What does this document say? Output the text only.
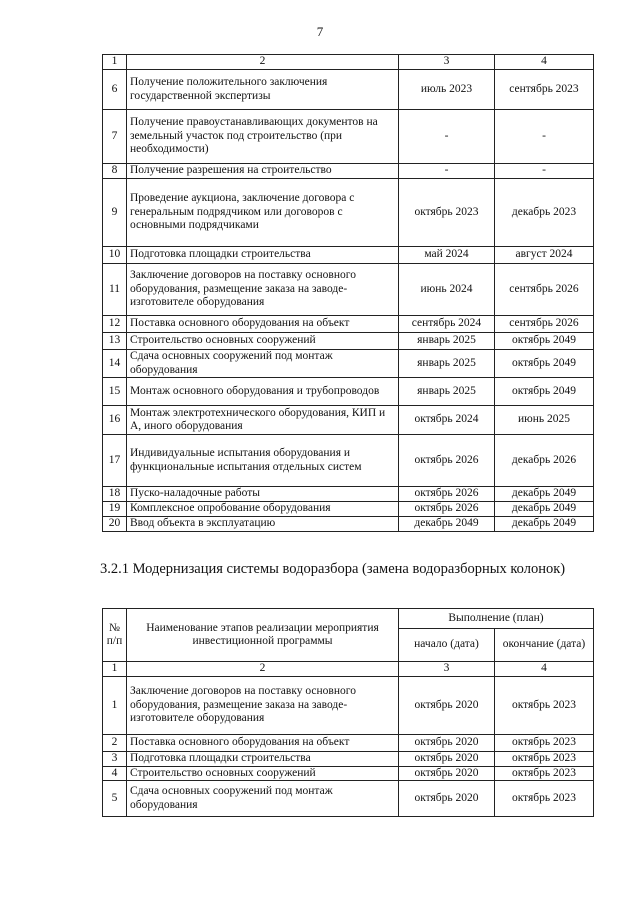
7
1	2	3	4
6	Получение положительного заключения государственной экспертизы	июль 2023	сентябрь 2023
7	Получение правоустанавливающих документов на земельный участок под строительство (при необходимости)	-	-
8	Получение разрешения на строительство	-	-
9	Проведение аукциона, заключение договора с генеральным подрядчиком или договоров с основными подрядчиками	октябрь 2023	декабрь 2023
10	Подготовка площадки строительства	май 2024	август 2024
11	Заключение договоров на поставку основного оборудования, размещение заказа на заводе-изготовителе оборудования	июнь 2024	сентябрь 2026
12	Поставка основного оборудования на объект	сентябрь 2024	сентябрь 2026
13	Строительство основных сооружений	январь 2025	октябрь 2049
14	Сдача основных сооружений под монтаж оборудования	январь 2025	октябрь 2049
15	Монтаж основного оборудования и трубопроводов	январь 2025	октябрь 2049
16	Монтаж электротехнического оборудования, КИП и А, иного оборудования	октябрь 2024	июнь 2025
17	Индивидуальные испытания оборудования и функциональные испытания отдельных систем	октябрь 2026	декабрь 2026
18	Пуско-наладочные работы	октябрь 2026	декабрь 2049
19	Комплексное опробование оборудования	октябрь 2026	декабрь 2049
20	Ввод объекта в эксплуатацию	декабрь 2049	декабрь 2049
3.2.1 Модернизация системы водоразбора (замена водоразборных колонок)
№ п/п	Наименование этапов реализации мероприятия инвестиционной программы	Выполнение (план)	
		начало (дата)	окончание (дата)
1	2	3	4
1	Заключение договоров на поставку основного оборудования, размещение заказа на заводе-изготовителе оборудования	октябрь 2020	октябрь 2023
2	Поставка основного оборудования на объект	октябрь 2020	октябрь 2023
3	Подготовка площадки строительства	октябрь 2020	октябрь 2023
4	Строительство основных сооружений	октябрь 2020	октябрь 2023
5	Сдача основных сооружений под монтаж оборудования	октябрь 2020	октябрь 2023
